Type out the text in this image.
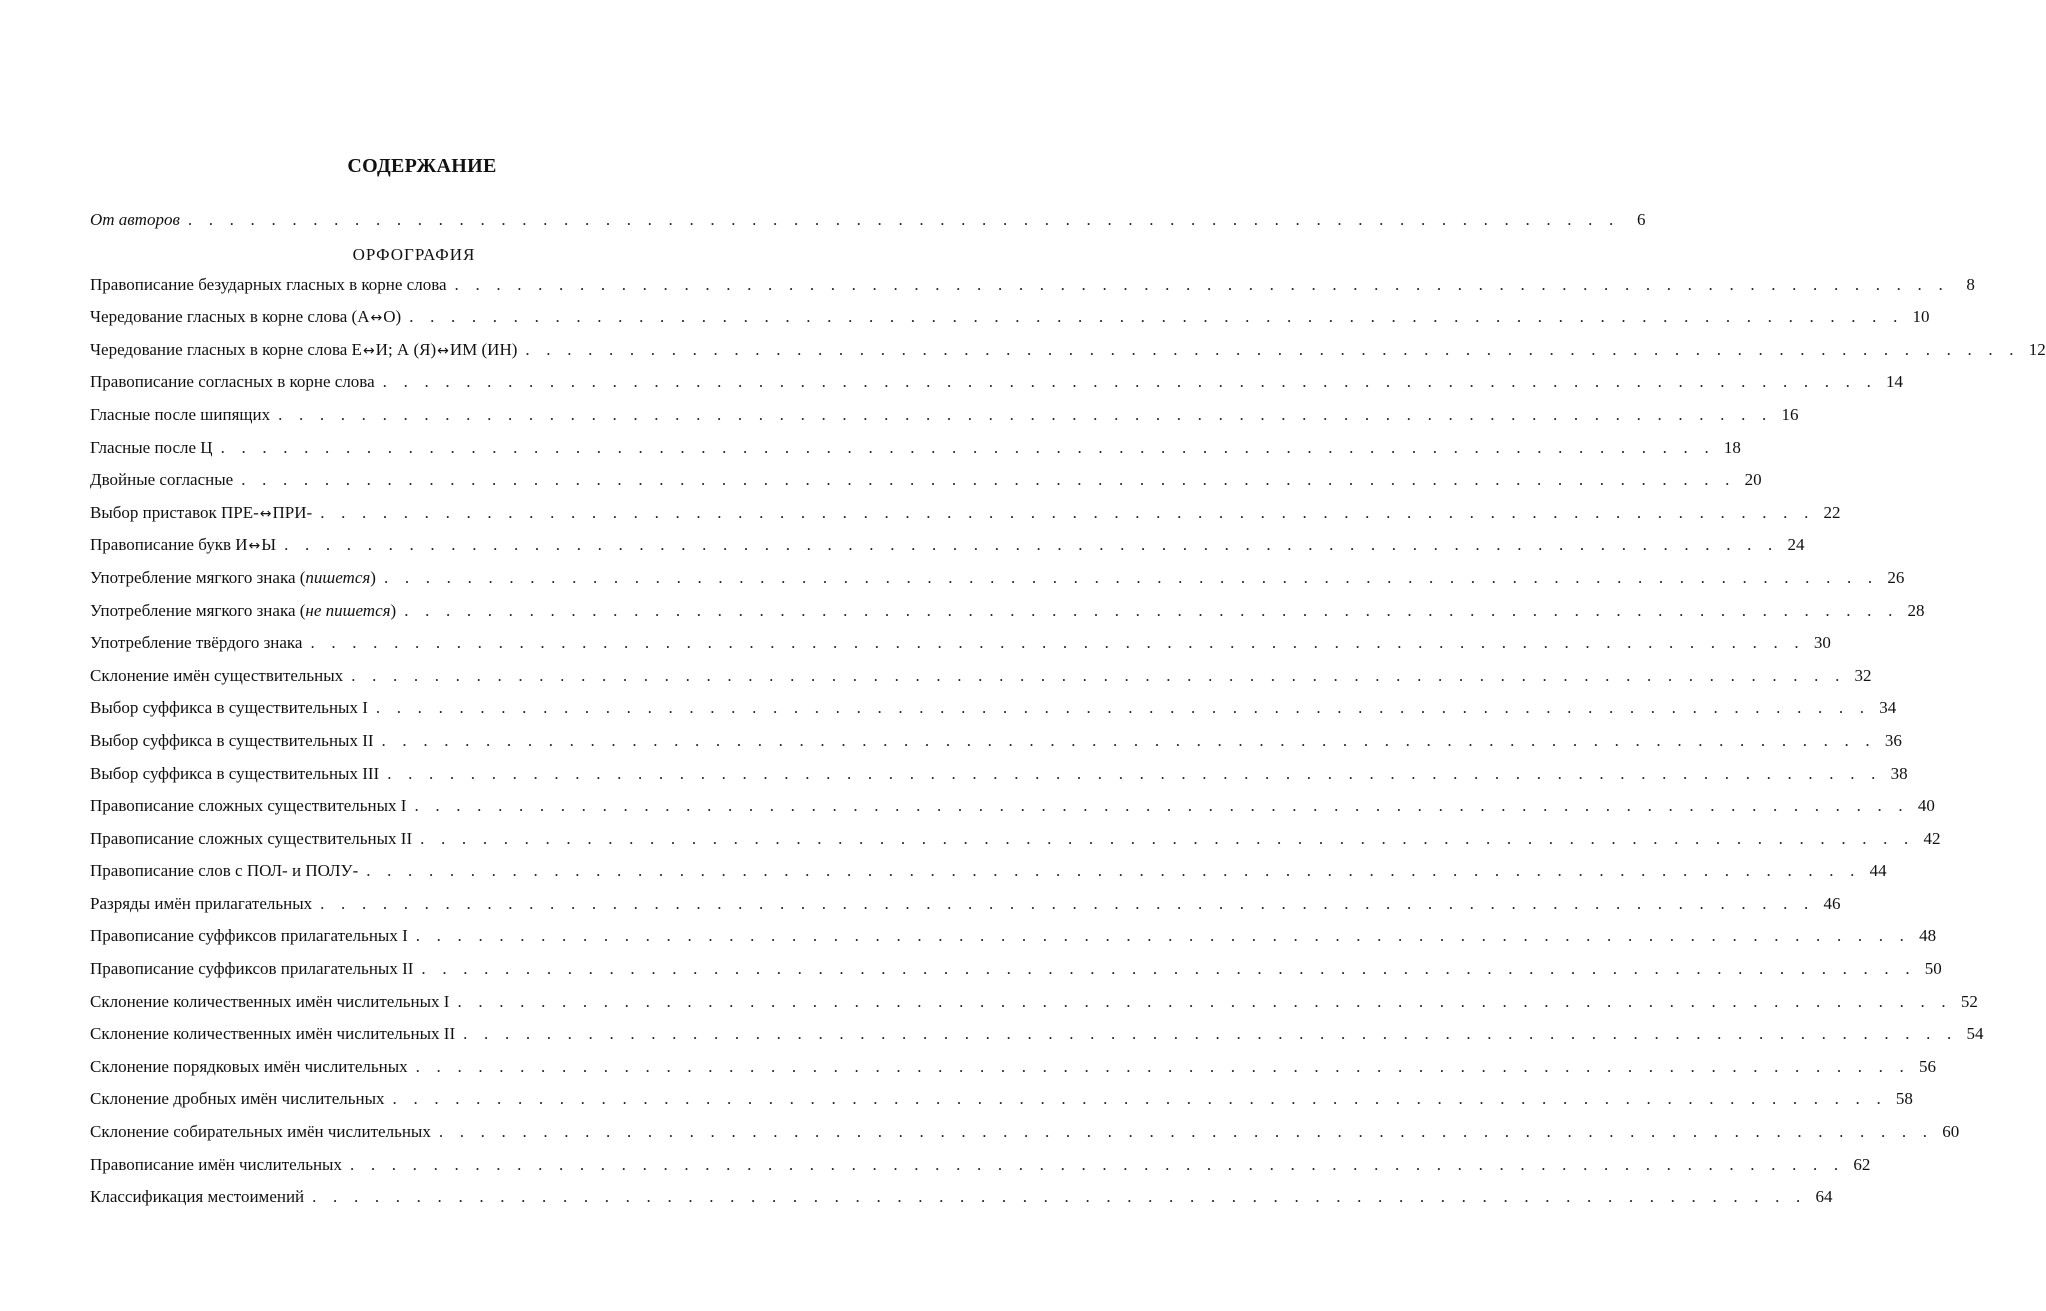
СОДЕРЖАНИЕ
От авторов . . . . . . . . . . . . . . . . . . . . . . . . . . . . . . . . . . . . . . . . . . . . . . . . . . . . . . . . . . . . . . . . . . . . .	6
ОРФОГРАФИЯ
Правописание безударных гласных в корне слова . . . . . . . . . . . . . . . . . . . . . . . . . . . . . . . . . . . . . . . . . . . . . . . . . . . . . . . . . . . . . . . . . . . . . . . .	8
Чередование гласных в корне слова (А↔О) . . . . . . . . . . . . . . . . . . . . . . . . . . . . . . . . . . . . . . . . . . . . . . . . . . . . . . . . . . . . . . . . . . . . . . . . 10
Чередование гласных в корне слова Е↔И; А (Я)↔ИМ (ИН) . . . . . . . . . . . . . . . . . . . . . . . . . . . . . . . . . . . . . . . . . . . . . . . . . . . . . . . . . . . . . . . . . . . . . . . . 12
Правописание согласных в корне слова . . . . . . . . . . . . . . . . . . . . . . . . . . . . . . . . . . . . . . . . . . . . . . . . . . . . . . . . . . . . . . . . . . . . . . . . 14
Гласные после шипящих . . . . . . . . . . . . . . . . . . . . . . . . . . . . . . . . . . . . . . . . . . . . . . . . . . . . . . . . . . . . . . . . . . . . . . . . 16
Гласные после Ц . . . . . . . . . . . . . . . . . . . . . . . . . . . . . . . . . . . . . . . . . . . . . . . . . . . . . . . . . . . . . . . . . . . . . . . . 18
Двойные согласные . . . . . . . . . . . . . . . . . . . . . . . . . . . . . . . . . . . . . . . . . . . . . . . . . . . . . . . . . . . . . . . . . . . . . . . . 20
Выбор приставок ПРЕ-↔ПРИ- . . . . . . . . . . . . . . . . . . . . . . . . . . . . . . . . . . . . . . . . . . . . . . . . . . . . . . . . . . . . . . . . . . . . . . . . 22
Правописание букв И↔Ы . . . . . . . . . . . . . . . . . . . . . . . . . . . . . . . . . . . . . . . . . . . . . . . . . . . . . . . . . . . . . . . . . . . . . . . . 24
Употребление мягкого знака (пишется) . . . . . . . . . . . . . . . . . . . . . . . . . . . . . . . . . . . . . . . . . . . . . . . . . . . . . . . . . . . . . . . . . . . . . . . . 26
Употребление мягкого знака (не пишется) . . . . . . . . . . . . . . . . . . . . . . . . . . . . . . . . . . . . . . . . . . . . . . . . . . . . . . . . . . . . . . . . . . . . . . . . 28
Употребление твёрдого знака . . . . . . . . . . . . . . . . . . . . . . . . . . . . . . . . . . . . . . . . . . . . . . . . . . . . . . . . . . . . . . . . . . . . . . . . 30
Склонение имён существительных . . . . . . . . . . . . . . . . . . . . . . . . . . . . . . . . . . . . . . . . . . . . . . . . . . . . . . . . . . . . . . . . . . . . . . . . 32
Выбор суффикса в существительных I . . . . . . . . . . . . . . . . . . . . . . . . . . . . . . . . . . . . . . . . . . . . . . . . . . . . . . . . . . . . . . . . . . . . . . . . 34
Выбор суффикса в существительных II . . . . . . . . . . . . . . . . . . . . . . . . . . . . . . . . . . . . . . . . . . . . . . . . . . . . . . . . . . . . . . . . . . . . . . . . 36
Выбор суффикса в существительных III . . . . . . . . . . . . . . . . . . . . . . . . . . . . . . . . . . . . . . . . . . . . . . . . . . . . . . . . . . . . . . . . . . . . . . . . 38
Правописание сложных существительных I . . . . . . . . . . . . . . . . . . . . . . . . . . . . . . . . . . . . . . . . . . . . . . . . . . . . . . . . . . . . . . . . . . . . . . . . 40
Правописание сложных существительных II . . . . . . . . . . . . . . . . . . . . . . . . . . . . . . . . . . . . . . . . . . . . . . . . . . . . . . . . . . . . . . . . . . . . . . . . 42
Правописание слов с ПОЛ- и ПОЛУ- . . . . . . . . . . . . . . . . . . . . . . . . . . . . . . . . . . . . . . . . . . . . . . . . . . . . . . . . . . . . . . . . . . . . . . . . 44
Разряды имён прилагательных . . . . . . . . . . . . . . . . . . . . . . . . . . . . . . . . . . . . . . . . . . . . . . . . . . . . . . . . . . . . . . . . . . . . . . . . 46
Правописание суффиксов прилагательных I . . . . . . . . . . . . . . . . . . . . . . . . . . . . . . . . . . . . . . . . . . . . . . . . . . . . . . . . . . . . . . . . . . . . . . . . 48
Правописание суффиксов прилагательных II . . . . . . . . . . . . . . . . . . . . . . . . . . . . . . . . . . . . . . . . . . . . . . . . . . . . . . . . . . . . . . . . . . . . . . . . 50
Склонение количественных имён числительных I . . . . . . . . . . . . . . . . . . . . . . . . . . . . . . . . . . . . . . . . . . . . . . . . . . . . . . . . . . . . . . . . . . . . . . . . 52
Склонение количественных имён числительных II . . . . . . . . . . . . . . . . . . . . . . . . . . . . . . . . . . . . . . . . . . . . . . . . . . . . . . . . . . . . . . . . . . . . . . . . 54
Склонение порядковых имён числительных . . . . . . . . . . . . . . . . . . . . . . . . . . . . . . . . . . . . . . . . . . . . . . . . . . . . . . . . . . . . . . . . . . . . . . . . 56
Склонение дробных имён числительных . . . . . . . . . . . . . . . . . . . . . . . . . . . . . . . . . . . . . . . . . . . . . . . . . . . . . . . . . . . . . . . . . . . . . . . . 58
Склонение собирательных имён числительных . . . . . . . . . . . . . . . . . . . . . . . . . . . . . . . . . . . . . . . . . . . . . . . . . . . . . . . . . . . . . . . . . . . . . . . . 60
Правописание имён числительных . . . . . . . . . . . . . . . . . . . . . . . . . . . . . . . . . . . . . . . . . . . . . . . . . . . . . . . . . . . . . . . . . . . . . . . . 62
Классификация местоимений . . . . . . . . . . . . . . . . . . . . . . . . . . . . . . . . . . . . . . . . . . . . . . . . . . . . . . . . . . . . . . . . . . . . . . . . 64
